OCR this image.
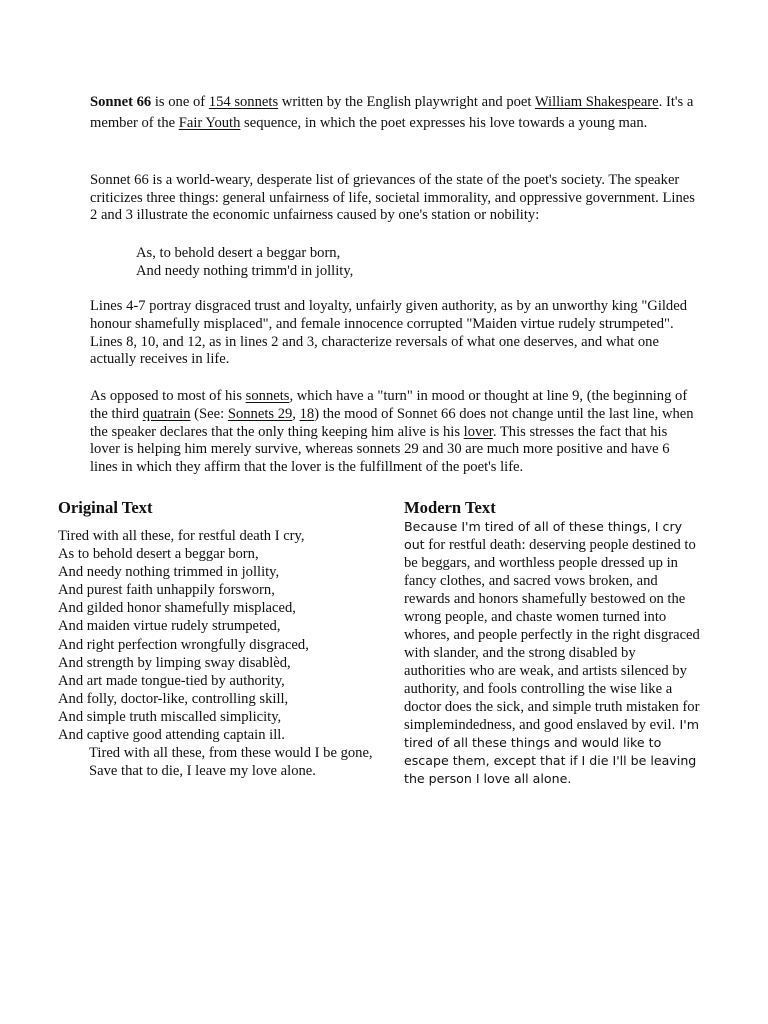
Sonnet 66 is one of 154 sonnets written by the English playwright and poet William Shakespeare. It's a member of the Fair Youth sequence, in which the poet expresses his love towards a young man.

Sonnet 66 is a world-weary, desperate list of grievances of the state of the poet's society. The speaker criticizes three things: general unfairness of life, societal immorality, and oppressive government. Lines 2 and 3 illustrate the economic unfairness caused by one's station or nobility:

As, to behold desert a beggar born,
And needy nothing trimm'd in jollity,

Lines 4-7 portray disgraced trust and loyalty, unfairly given authority, as by an unworthy king "Gilded honour shamefully misplaced", and female innocence corrupted "Maiden virtue rudely strumpeted". Lines 8, 10, and 12, as in lines 2 and 3, characterize reversals of what one deserves, and what one actually receives in life.

As opposed to most of his sonnets, which have a "turn" in mood or thought at line 9, (the beginning of the third quatrain (See: Sonnets 29, 18) the mood of Sonnet 66 does not change until the last line, when the speaker declares that the only thing keeping him alive is his lover. This stresses the fact that his lover is helping him merely survive, whereas sonnets 29 and 30 are much more positive and have 6 lines in which they affirm that the lover is the fulfillment of the poet's life.

Original Text
Tired with all these, for restful death I cry,
As to behold desert a beggar born,
And needy nothing trimmed in jollity,
And purest faith unhappily forsworn,
And gilded honor shamefully misplaced,
And maiden virtue rudely strumpeted,
And right perfection wrongfully disgraced,
And strength by limping sway disablèd,
And art made tongue-tied by authority,
And folly, doctor-like, controlling skill,
And simple truth miscalled simplicity,
And captive good attending captain ill.
Tired with all these, from these would I be gone,
Save that to die, I leave my love alone.
Modern Text

Because I'm tired of all of these things, I cry out for restful death: deserving people destined to be beggars, and worthless people dressed up in fancy clothes, and sacred vows broken, and rewards and honors shamefully bestowed on the wrong people, and chaste women turned into whores, and people perfectly in the right disgraced with slander, and the strong disabled by authorities who are weak, and artists silenced by authority, and fools controlling the wise like a doctor does the sick, and simple truth mistaken for simplemindedness, and good enslaved by evil. I'm tired of all these things and would like to escape them, except that if I die I'll be leaving the person I love all alone.
